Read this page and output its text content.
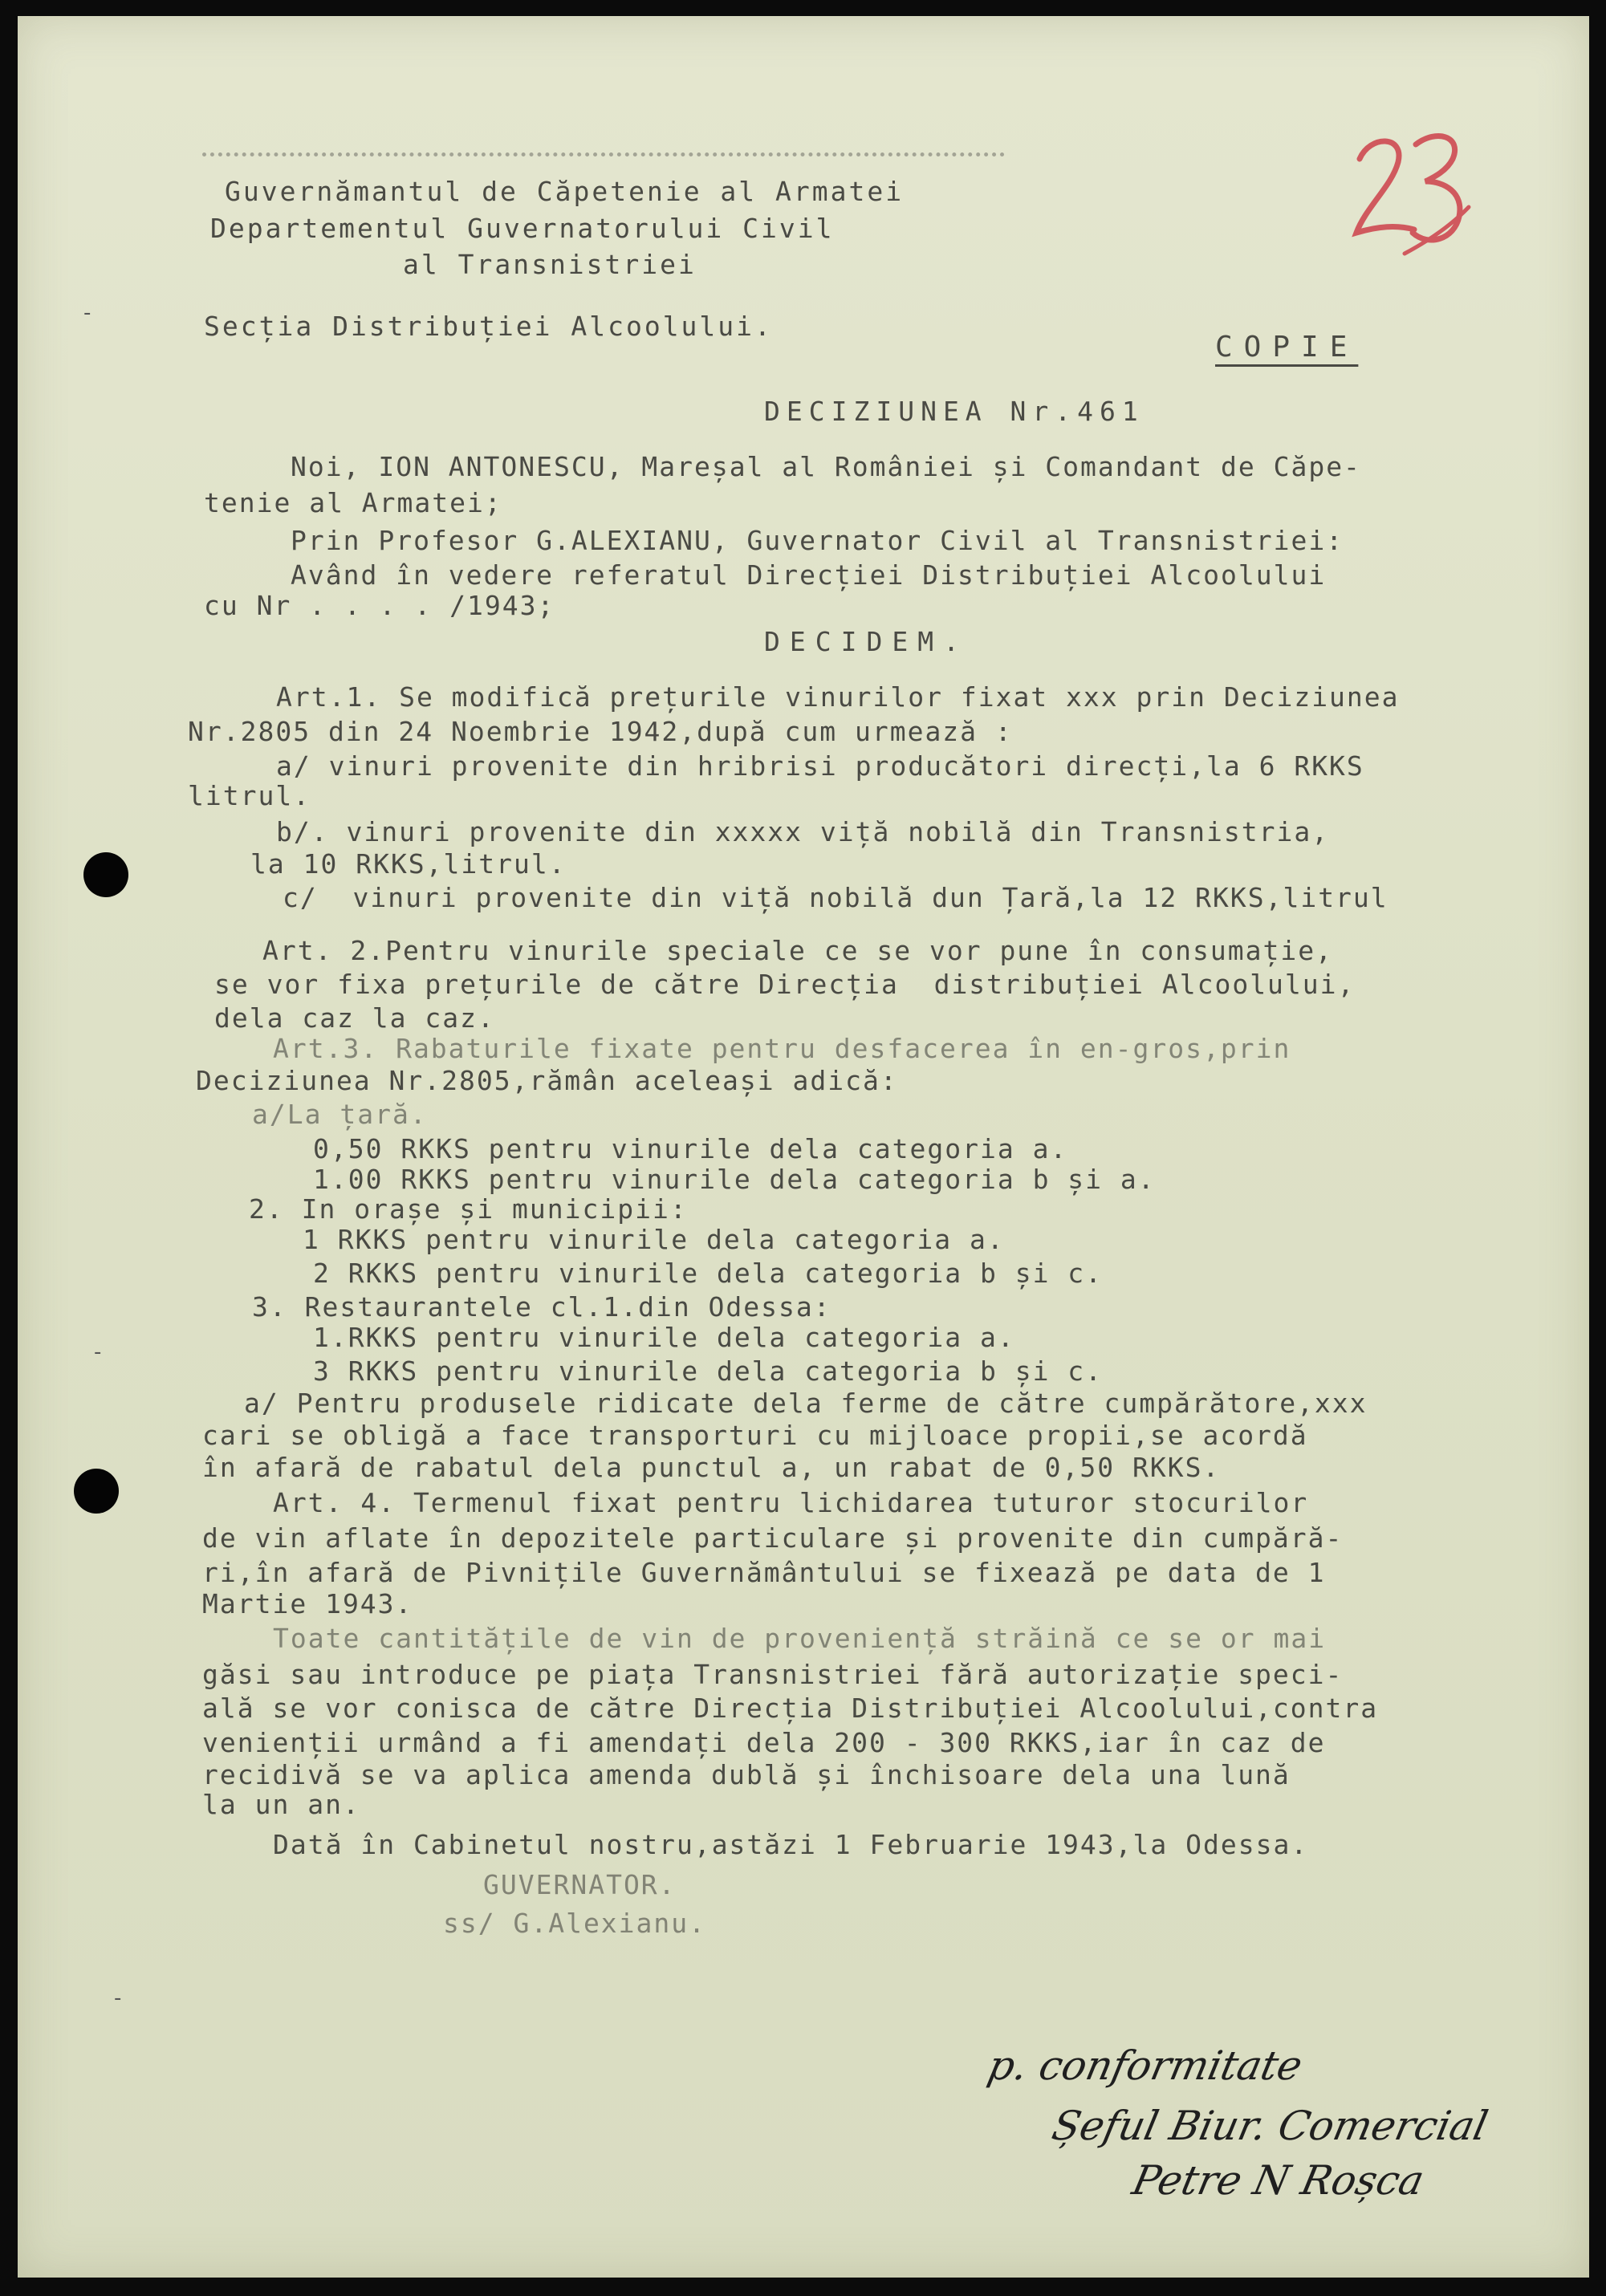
Guvernămantul de Căpetenie al Armatei
Departementul Guvernatorului Civil
al Transnistriei
Secția Distribuției Alcoolului.
COPIE
DECIZIUNEA Nr.461
Noi, ION ANTONESCU, Mareșal al României și Comandant de Căpe-
tenie al Armatei;
Prin Profesor G.ALEXIANU, Guvernator Civil al Transnistriei:
Având în vedere referatul Direcției Distribuției Alcoolului
cu Nr . . . . /1943;
DECIDEM.
Art.1. Se modifică prețurile vinurilor fixat xxx prin Deciziunea
Nr.2805 din 24 Noembrie 1942,după cum urmează :
a/ vinuri provenite din hribrisi producători direcți,la 6 RKKS
litrul.
b/. vinuri provenite din xxxxx viță nobilă din Transnistria,
la 10 RKKS,litrul.
c/  vinuri provenite din viță nobilă dun Țară,la 12 RKKS,litrul
Art. 2.Pentru vinurile speciale ce se vor pune în consumație,
se vor fixa prețurile de către Direcția  distribuției Alcoolului,
dela caz la caz.
Art.3. Rabaturile fixate pentru desfacerea în en-gros,prin
Deciziunea Nr.2805,rămân aceleași adică:
a/La țară.
0,50 RKKS pentru vinurile dela categoria a.
1.00 RKKS pentru vinurile dela categoria b și a.
2. In orașe și municipii:
1 RKKS pentru vinurile dela categoria a.
2 RKKS pentru vinurile dela categoria b și c.
3. Restaurantele cl.1.din Odessa:
1.RKKS pentru vinurile dela categoria a.
3 RKKS pentru vinurile dela categoria b și c.
a/ Pentru produsele ridicate dela ferme de către cumpărătore,xxx
cari se obligă a face transporturi cu mijloace propii,se acordă
în afară de rabatul dela punctul a, un rabat de 0,50 RKKS.
Art. 4. Termenul fixat pentru lichidarea tuturor stocurilor
de vin aflate în depozitele particulare și provenite din cumpără-
ri,în afară de Pivnițile Guvernământului se fixează pe data de 1
Martie 1943.
Toate cantitățile de vin de proveniență străină ce se or mai
găsi sau introduce pe piața Transnistriei fără autorizație speci-
ală se vor conisca de către Direcția Distribuției Alcoolului,contra
venienții urmând a fi amendați dela 200 - 300 RKKS,iar în caz de
recidivă se va aplica amenda dublă și închisoare dela una lună
la un an.
Dată în Cabinetul nostru,astăzi 1 Februarie 1943,la Odessa.
GUVERNATOR.
ss/ G.Alexianu.
p. conformitate
Șeful Biur. Comercial
Petre N Roșca
-
-
-
